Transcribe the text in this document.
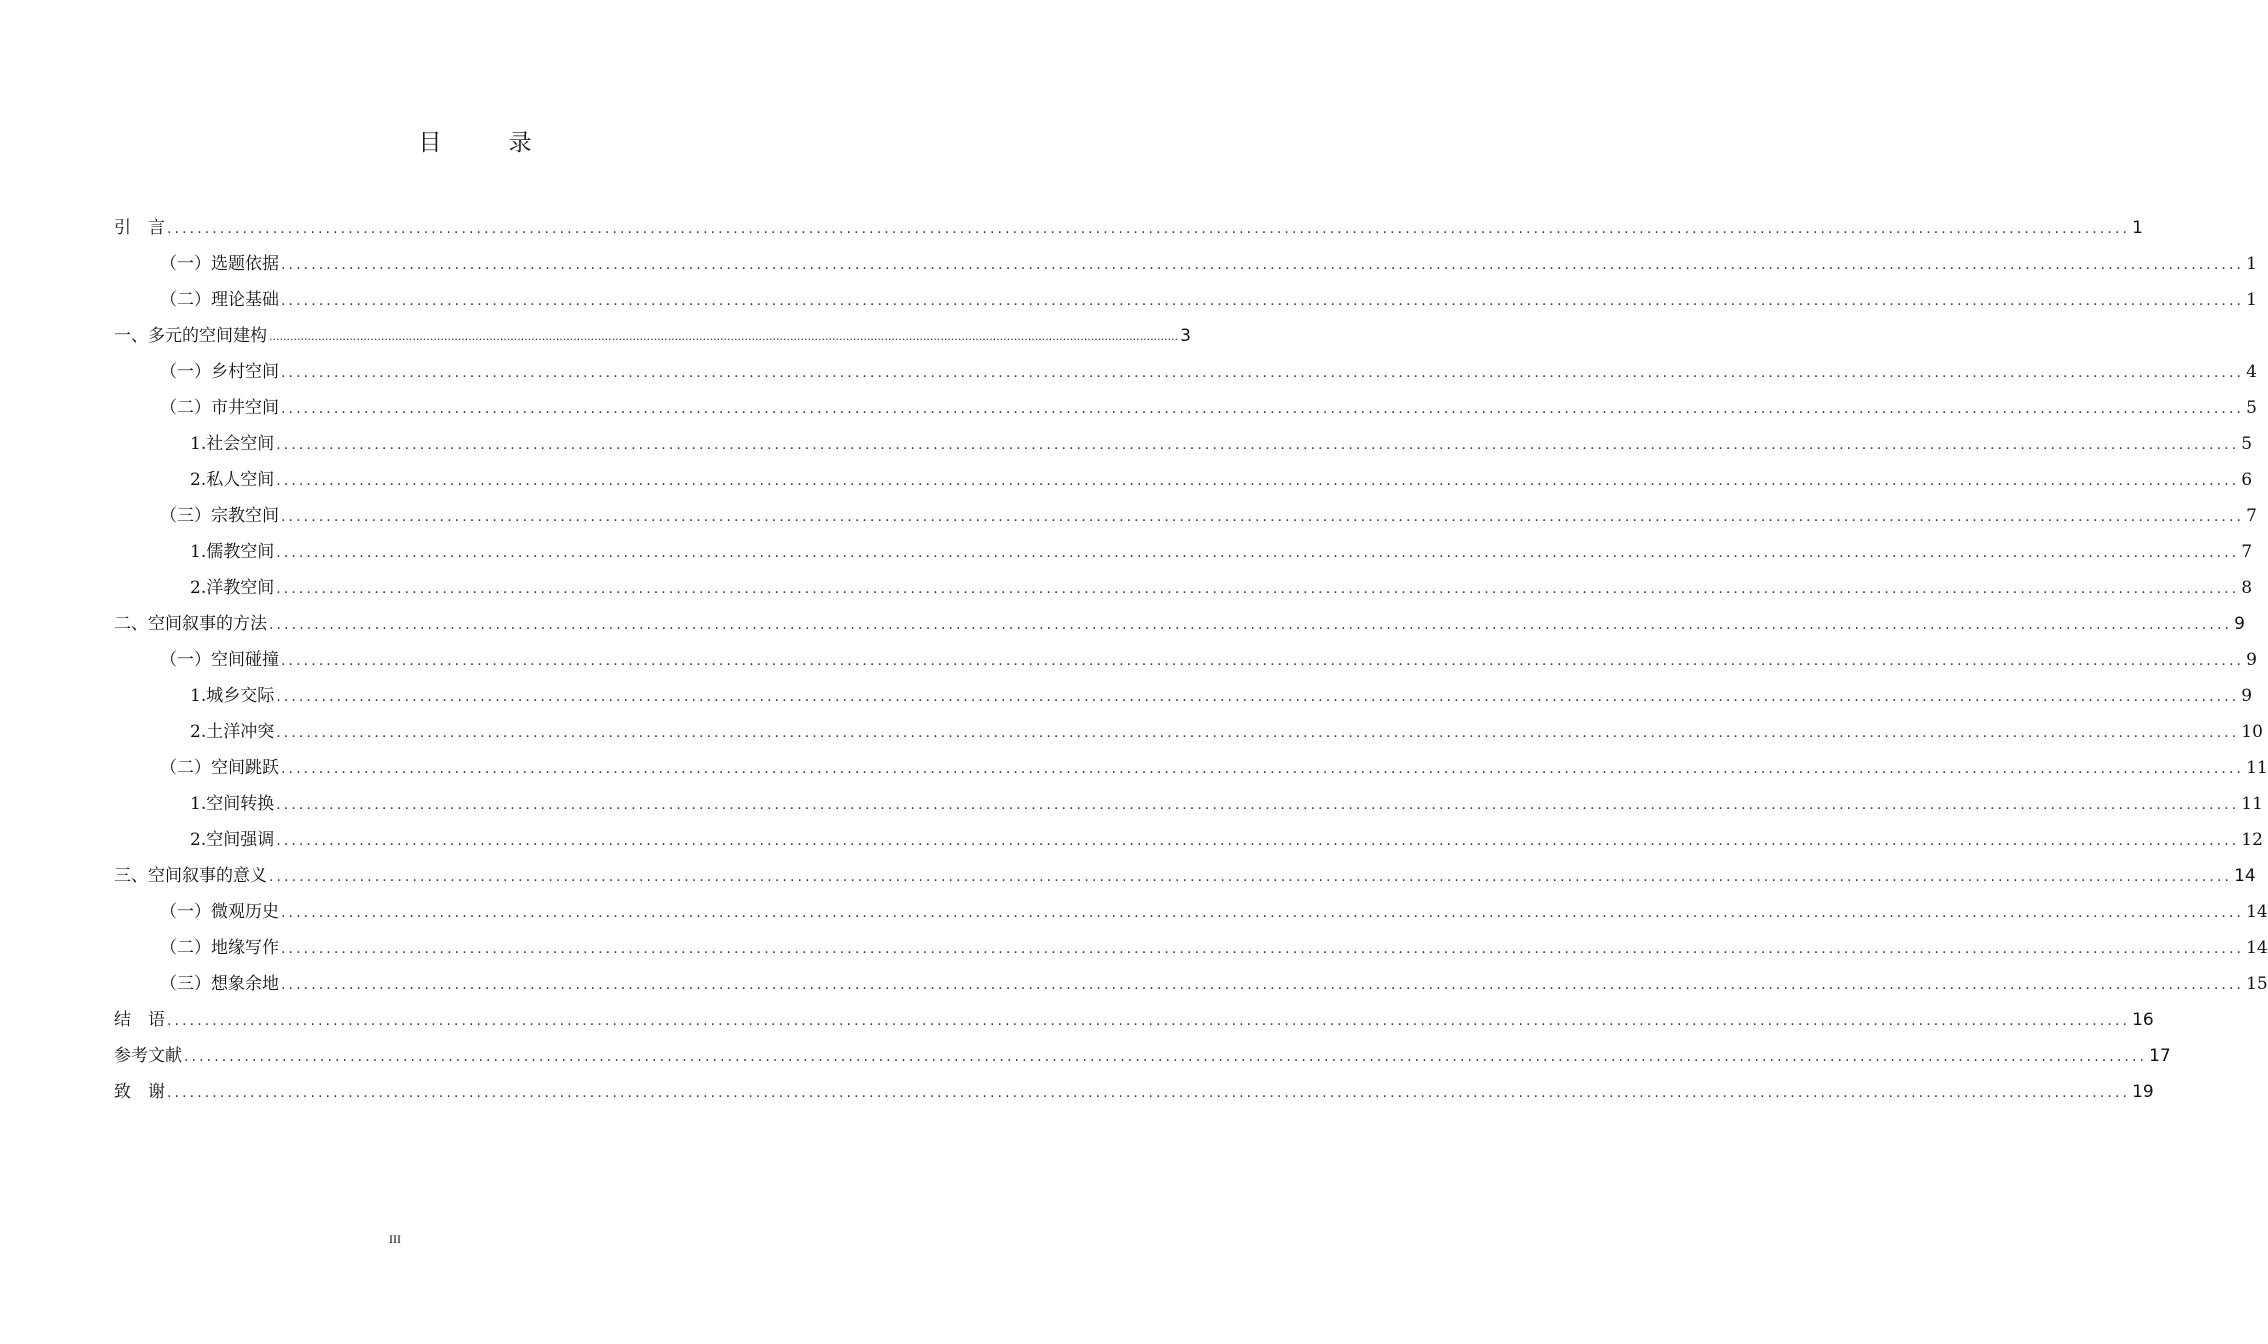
目　录
引　言 .................................................................................................................................................................................................................................................................... 1
（一）选题依据 .................................................................................................................................................................................................................................................................... 1
（二）理论基础 .................................................................................................................................................................................................................................................................... 1
一、多元的空间建构 .................................................................................................................................................................................................................................................................... 3
（一）乡村空间 .................................................................................................................................................................................................................................................................... 4
（二）市井空间 .................................................................................................................................................................................................................................................................... 5
1.社会空间 .................................................................................................................................................................................................................................................................... 5
2.私人空间 .................................................................................................................................................................................................................................................................... 6
（三）宗教空间 .................................................................................................................................................................................................................................................................... 7
1.儒教空间 .................................................................................................................................................................................................................................................................... 7
2.洋教空间 .................................................................................................................................................................................................................................................................... 8
二、空间叙事的方法 .................................................................................................................................................................................................................................................................... 9
（一）空间碰撞 .................................................................................................................................................................................................................................................................... 9
1.城乡交际 .................................................................................................................................................................................................................................................................... 9
2.土洋冲突 .................................................................................................................................................................................................................................................................... 10
（二）空间跳跃 .................................................................................................................................................................................................................................................................... 11
1.空间转换 .................................................................................................................................................................................................................................................................... 11
2.空间强调 .................................................................................................................................................................................................................................................................... 12
三、空间叙事的意义 .................................................................................................................................................................................................................................................................... 14
（一）微观历史 .................................................................................................................................................................................................................................................................... 14
（二）地缘写作 .................................................................................................................................................................................................................................................................... 14
（三）想象余地 .................................................................................................................................................................................................................................................................... 15
结　语 .................................................................................................................................................................................................................................................................... 16
参考文献 .................................................................................................................................................................................................................................................................... 17
致　谢 .................................................................................................................................................................................................................................................................... 19
III
